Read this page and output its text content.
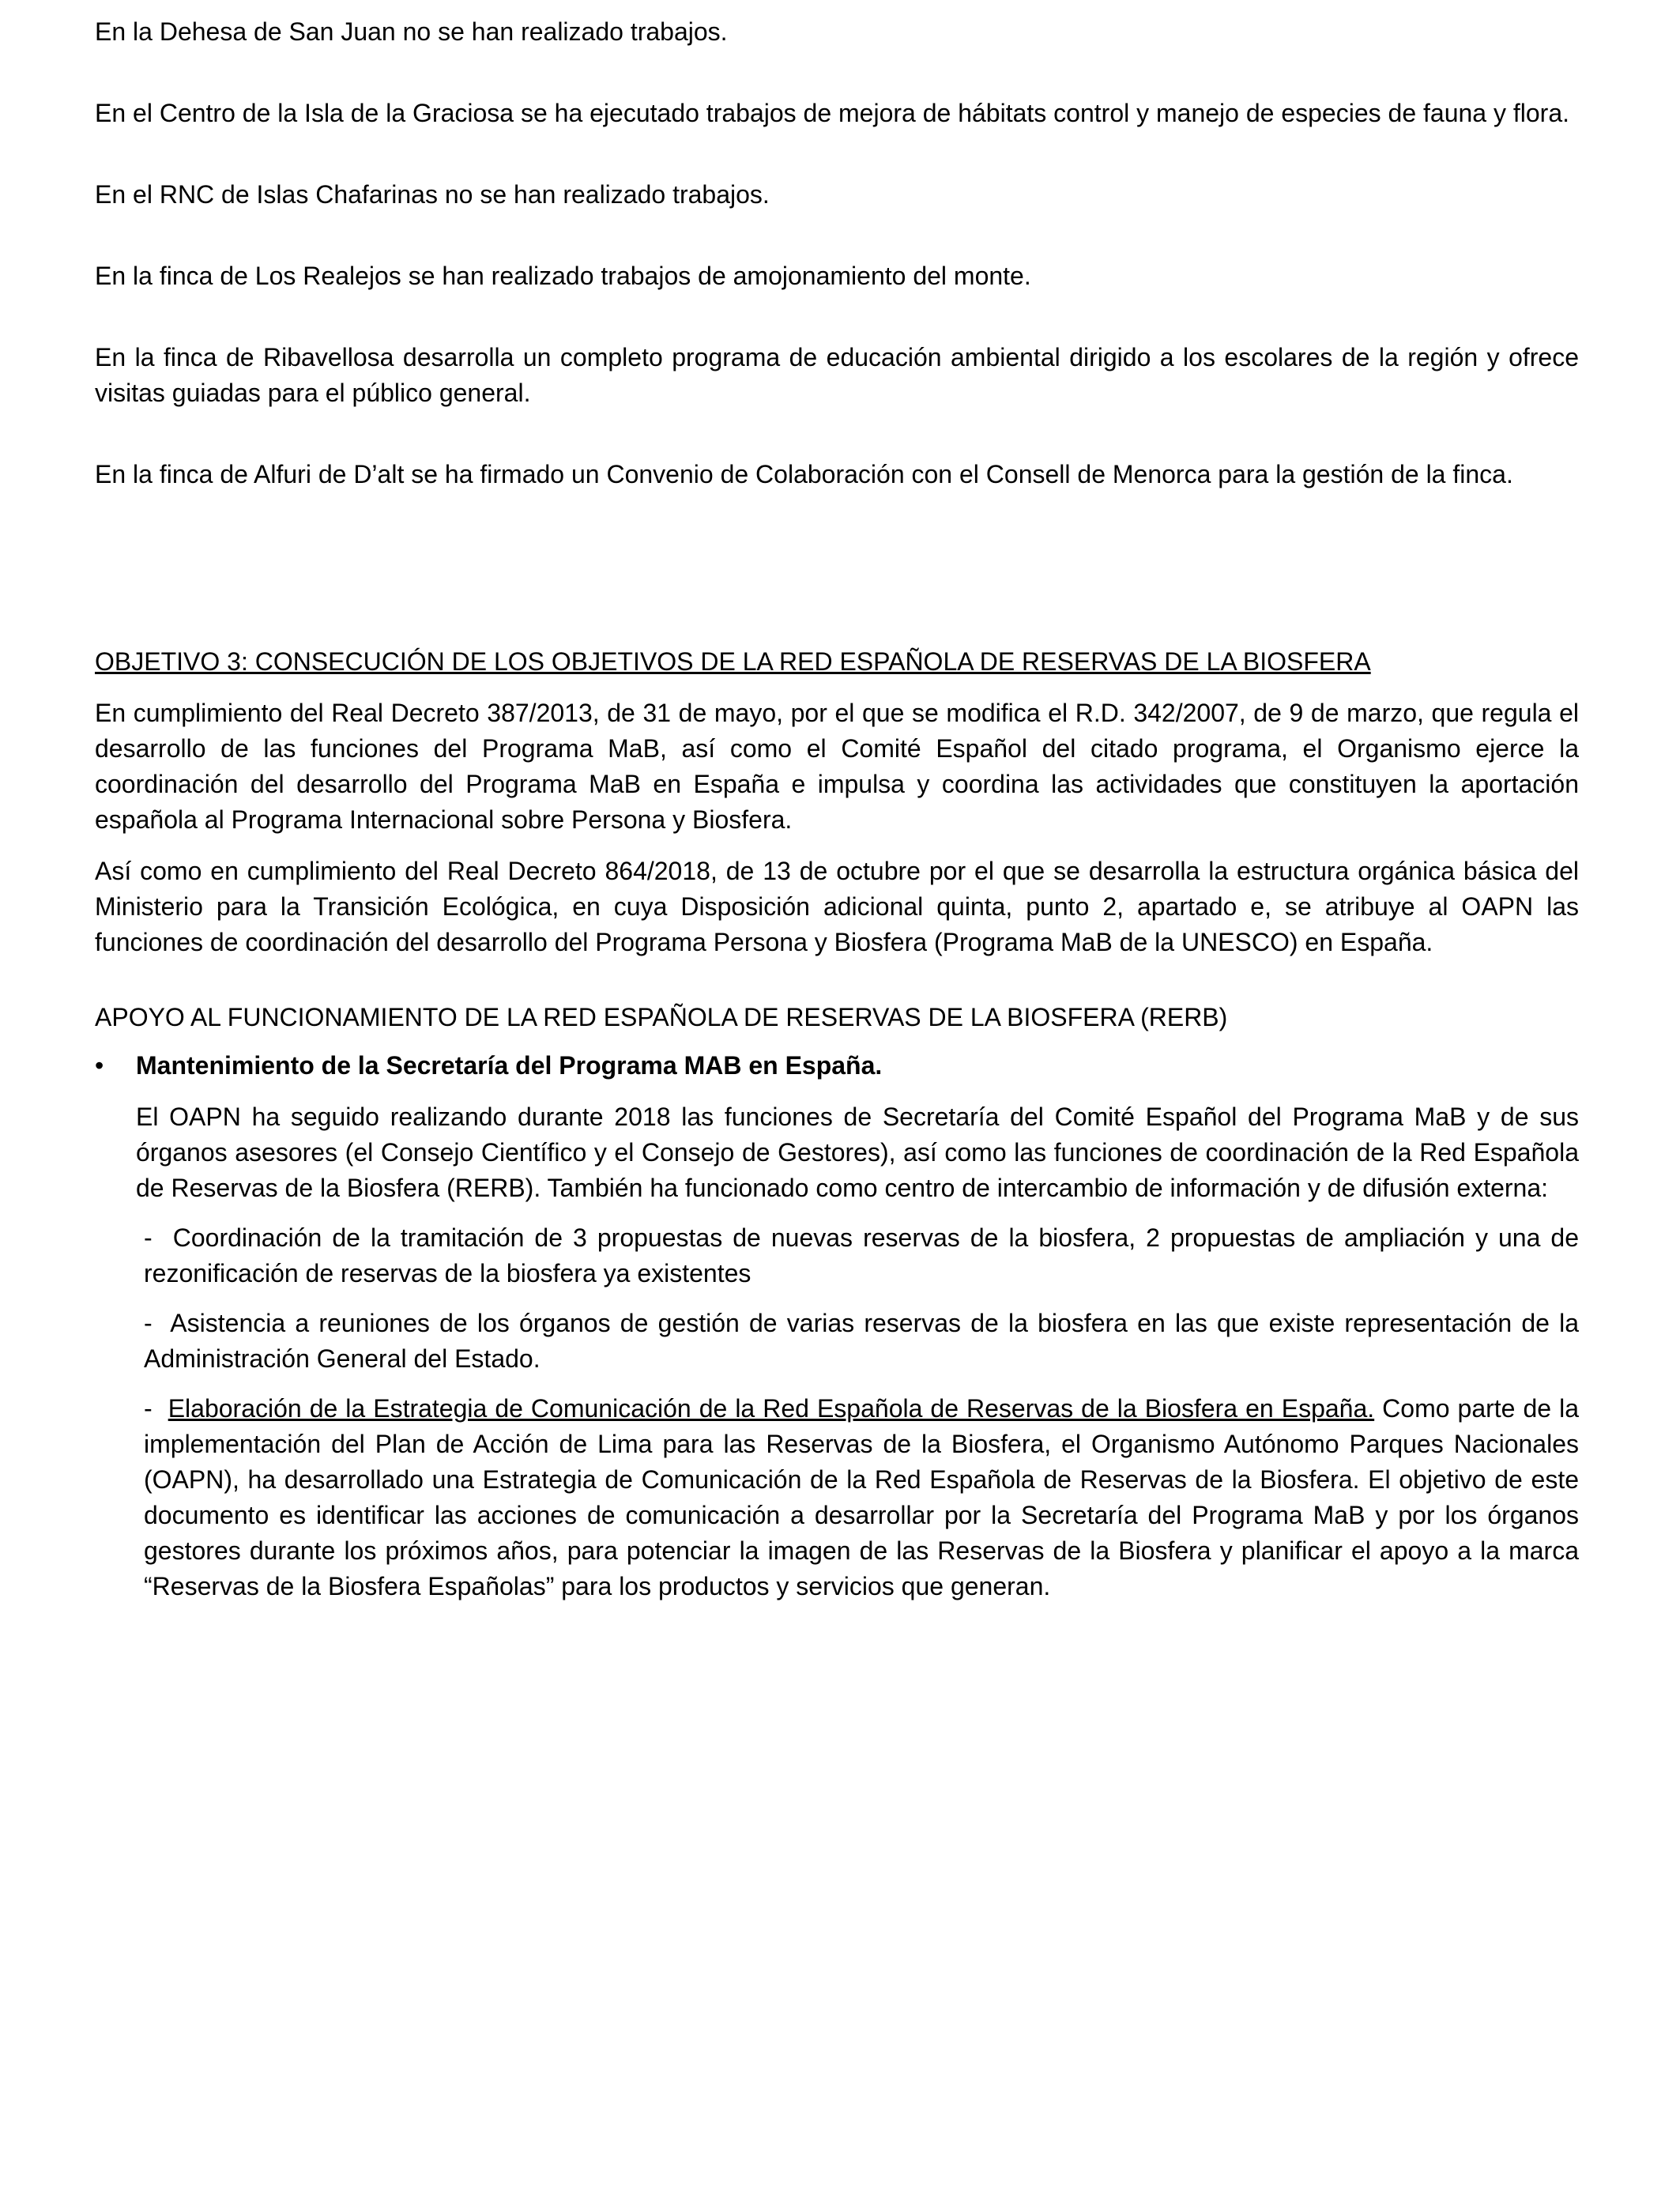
En la Dehesa de San Juan no se han realizado trabajos.

En el Centro de la Isla de la Graciosa se ha ejecutado trabajos de mejora de hábitats control y manejo de especies de fauna y flora.

En el RNC de Islas Chafarinas no se han realizado trabajos.

En la finca de Los Realejos se han realizado trabajos de amojonamiento del monte.

En la finca de Ribavellosa desarrolla un completo programa de educación ambiental dirigido a los escolares de la región y ofrece visitas guiadas para el público general.

En la finca de Alfuri de D’alt se ha firmado un Convenio de Colaboración con el Consell de Menorca para la gestión de la finca.

OBJETIVO 3: CONSECUCIÓN DE LOS OBJETIVOS DE LA RED ESPAÑOLA DE RESERVAS DE LA BIOSFERA

En cumplimiento del Real Decreto 387/2013, de 31 de mayo, por el que se modifica el R.D. 342/2007, de 9 de marzo, que regula el desarrollo de las funciones del Programa MaB, así como el Comité Español del citado programa, el Organismo ejerce la coordinación del desarrollo del Programa MaB en España e impulsa y coordina las actividades que constituyen la aportación española al Programa Internacional sobre Persona y Biosfera.

Así como en cumplimiento del Real Decreto 864/2018, de 13 de octubre por el que se desarrolla la estructura orgánica básica del Ministerio para la Transición Ecológica, en cuya Disposición adicional quinta, punto 2, apartado e, se atribuye al OAPN las funciones de coordinación del desarrollo del Programa Persona y Biosfera (Programa MaB de la UNESCO) en España.

APOYO AL FUNCIONAMIENTO DE LA RED ESPAÑOLA DE RESERVAS DE LA BIOSFERA (RERB)

• Mantenimiento de la Secretaría del Programa MAB en España.

El OAPN ha seguido realizando durante 2018 las funciones de Secretaría del Comité Español del Programa MaB y de sus órganos asesores (el Consejo Científico y el Consejo de Gestores), así como las funciones de coordinación de la Red Española de Reservas de la Biosfera (RERB). También ha funcionado como centro de intercambio de información y de difusión externa:

- Coordinación de la tramitación de 3 propuestas de nuevas reservas de la biosfera, 2 propuestas de ampliación y una de rezonificación de reservas de la biosfera ya existentes

- Asistencia a reuniones de los órganos de gestión de varias reservas de la biosfera en las que existe representación de la Administración General del Estado.

- Elaboración de la Estrategia de Comunicación de la Red Española de Reservas de la Biosfera en España. Como parte de la implementación del Plan de Acción de Lima para las Reservas de la Biosfera, el Organismo Autónomo Parques Nacionales (OAPN), ha desarrollado una Estrategia de Comunicación de la Red Española de Reservas de la Biosfera. El objetivo de este documento es identificar las acciones de comunicación a desarrollar por la Secretaría del Programa MaB y por los órganos gestores durante los próximos años, para potenciar la imagen de las Reservas de la Biosfera y planificar el apoyo a la marca “Reservas de la Biosfera Españolas” para los productos y servicios que generan.
